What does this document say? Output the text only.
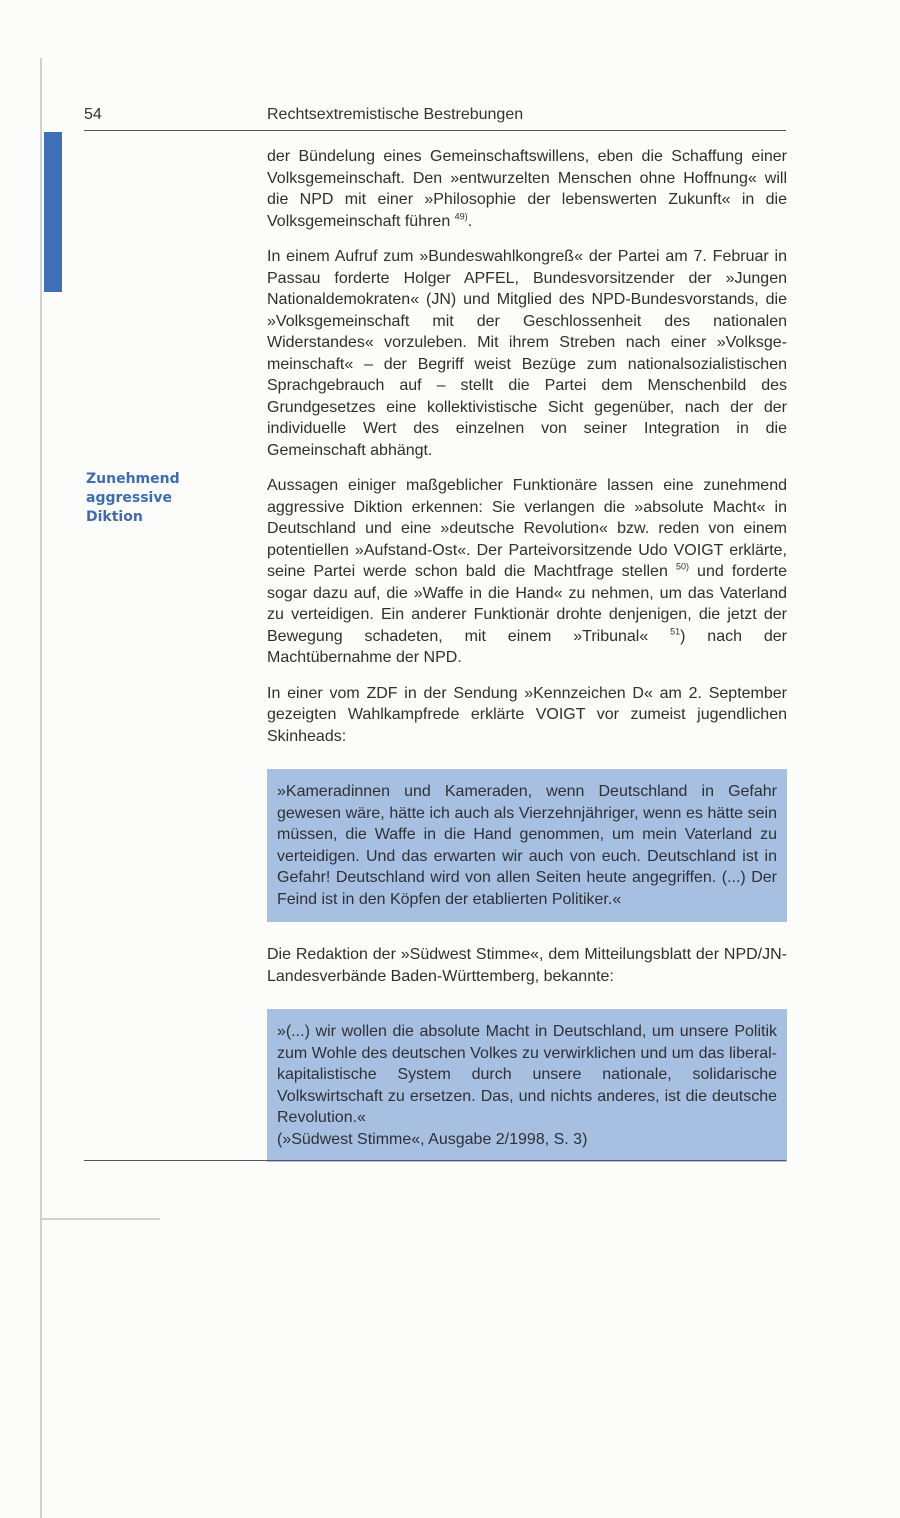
54	Rechtsextremistische Bestrebungen
Zunehmend
aggressive
Diktion

der Bündelung eines Gemeinschaftswillens, eben die Schaffung einer Volksgemeinschaft. Den »entwurzelten Menschen ohne Hoffnung« will die NPD mit einer »Philosophie der lebenswerten Zukunft« in die Volksgemeinschaft führen $^{49)}$.

In einem Aufruf zum »Bundeswahlkongreß« der Partei am 7. Februar in Passau forderte Holger APFEL, Bundesvorsitzender der »Jungen Nationaldemokraten« (JN) und Mitglied des NPD-Bundesvorstands, die »Volksgemeinschaft mit der Geschlossenheit des nationalen Widerstandes« vorzuleben. Mit ihrem Streben nach einer »Volksgemeinschaft« – der Begriff weist Bezüge zum nationalsozialistischen Sprachgebrauch auf – stellt die Partei dem Menschenbild des Grundgesetzes eine kollektivistische Sicht gegenüber, nach der der individuelle Wert des einzelnen von seiner Integration in die Gemeinschaft abhängt.

Aussagen einiger maßgeblicher Funktionäre lassen eine zunehmend aggressive Diktion erkennen: Sie verlangen die »absolute Macht« in Deutschland und eine »deutsche Revolution« bzw. reden von einem potentiellen »Aufstand-Ost«. Der Parteivorsitzende Udo VOIGT erklärte, seine Partei werde schon bald die Machtfrage stellen $^{50)}$ und forderte sogar dazu auf, die »Waffe in die Hand« zu nehmen, um das Vaterland zu verteidigen. Ein anderer Funktionär drohte denjenigen, die jetzt der Bewegung schadeten, mit einem »Tribunal« $^{51}$) nach der Machtübernahme der NPD.

In einer vom ZDF in der Sendung »Kennzeichen D« am 2. September gezeigten Wahlkampfrede erklärte VOIGT vor zumeist jugendlichen Skinheads:

»Kameradinnen und Kameraden, wenn Deutschland in Gefahr gewesen wäre, hätte ich auch als Vierzehnjähriger, wenn es hätte sein müssen, die Waffe in die Hand genommen, um mein Vaterland zu verteidigen. Und das erwarten wir auch von euch. Deutschland ist in Gefahr! Deutschland wird von allen Seiten heute angegriffen. (...) Der Feind ist in den Köpfen der etablierten Politiker.«

Die Redaktion der »Südwest Stimme«, dem Mitteilungsblatt der NPD/JN-Landesverbände Baden-Württemberg, bekannte:

»(...) wir wollen die absolute Macht in Deutschland, um unsere Politik zum Wohle des deutschen Volkes zu verwirklichen und um das liberal-kapitalistische System durch unsere nationale, solidarische Volkswirtschaft zu ersetzen. Das, und nichts anderes, ist die deutsche Revolution.«
(»Südwest Stimme«, Ausgabe 2/1998, S. 3)
